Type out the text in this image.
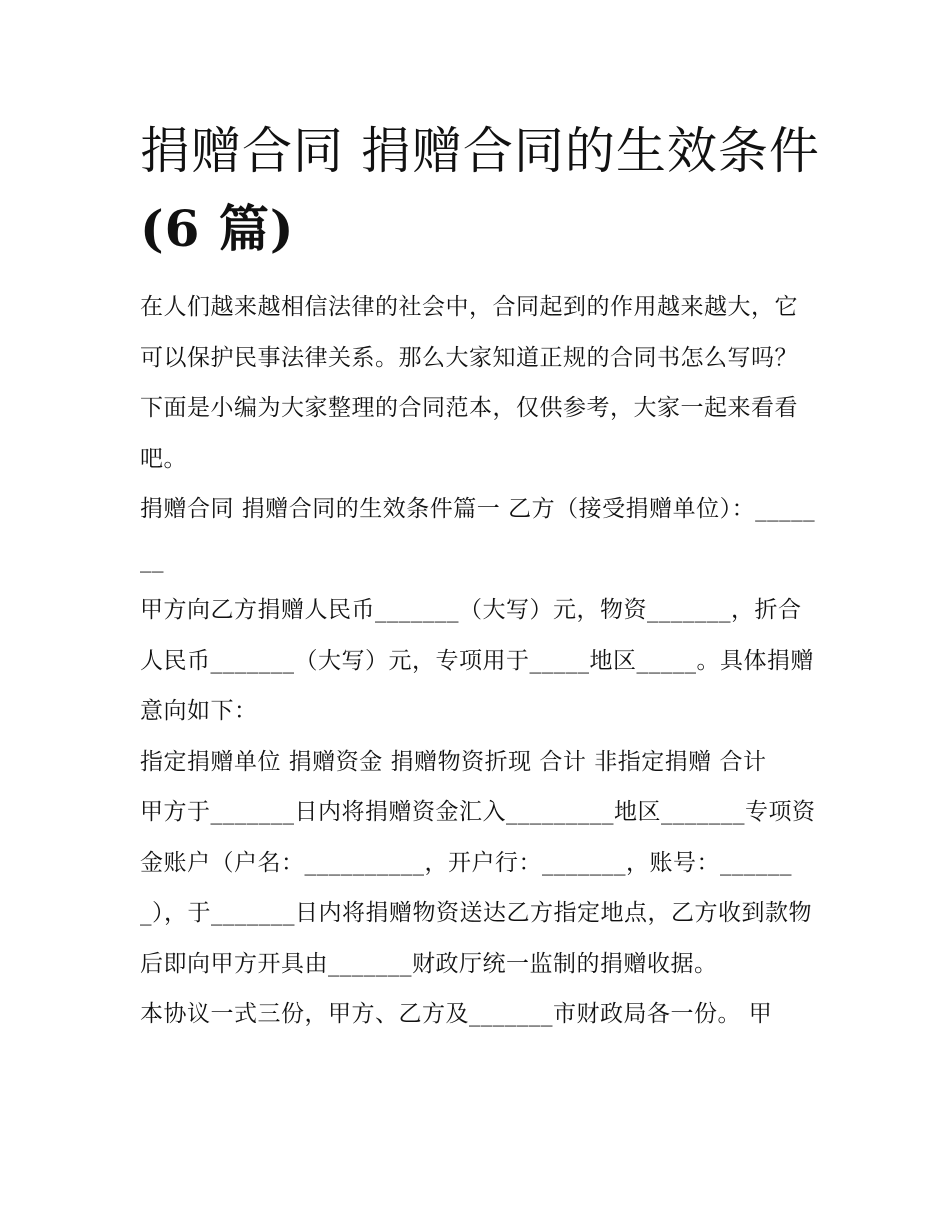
捐赠合同 捐赠合同的生效条件
(6 篇)

在人们越来越相信法律的社会中，合同起到的作用越来越大，它可以保护民事法律关系。那么大家知道正规的合同书怎么写吗？下面是小编为大家整理的合同范本，仅供参考，大家一起来看看吧。

捐赠合同 捐赠合同的生效条件篇一 乙方（接受捐赠单位）：_______

甲方向乙方捐赠人民币_______（大写）元，物资_______，折合人民币_______（大写）元，专项用于_____地区_____。具体捐赠意向如下：

指定捐赠单位 捐赠资金 捐赠物资折现 合计 非指定捐赠 合计

甲方于_______日内将捐赠资金汇入_________地区_______专项资金账户（户名：__________，开户行：_______，账号：_______），于_______日内将捐赠物资送达乙方指定地点，乙方收到款物后即向甲方开具由_______财政厅统一监制的捐赠收据。

本协议一式三份，甲方、乙方及_______市财政局各一份。 甲
